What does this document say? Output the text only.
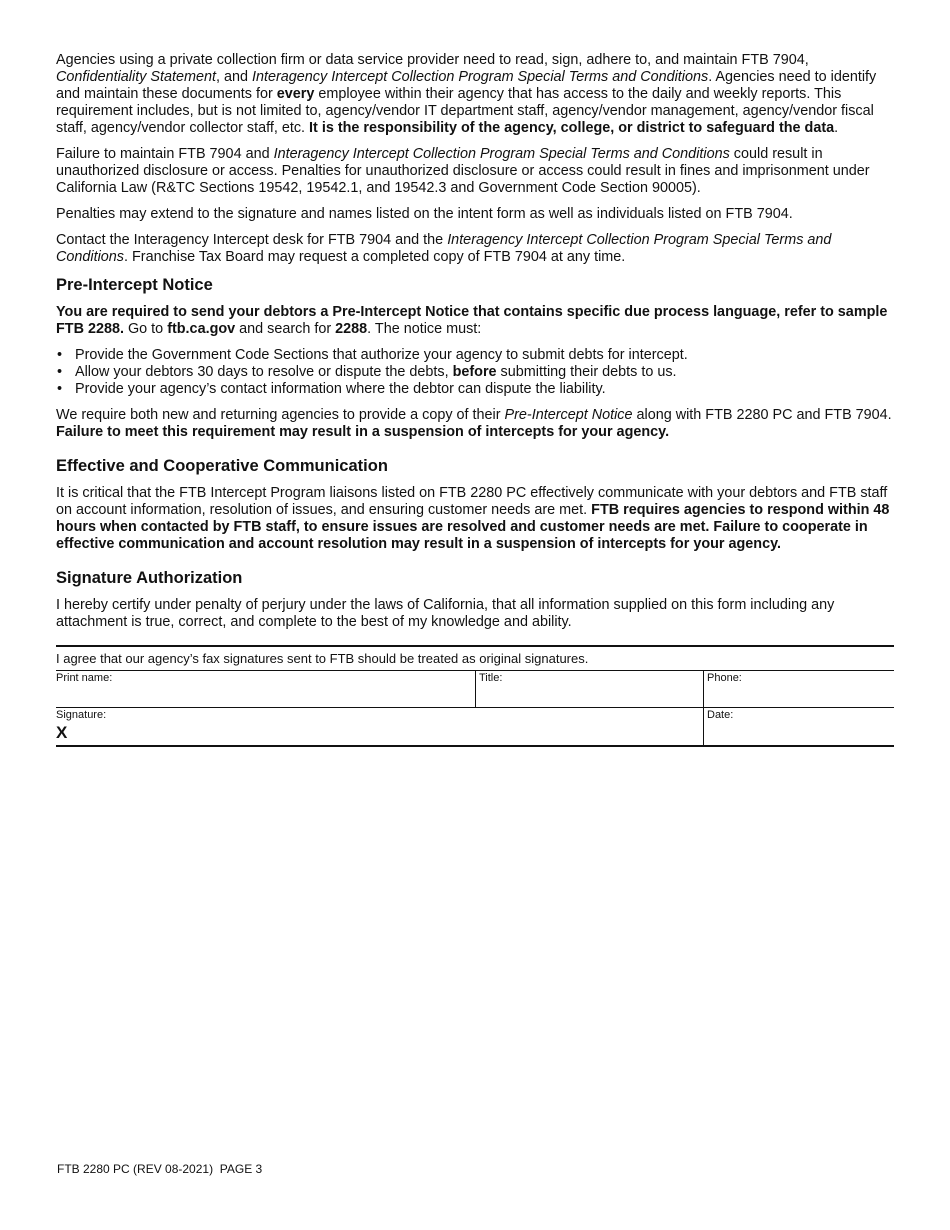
Agencies using a private collection firm or data service provider need to read, sign, adhere to, and maintain FTB 7904, Confidentiality Statement, and Interagency Intercept Collection Program Special Terms and Conditions. Agencies need to identify and maintain these documents for every employee within their agency that has access to the daily and weekly reports. This requirement includes, but is not limited to, agency/vendor IT department staff, agency/vendor management, agency/vendor fiscal staff, agency/vendor collector staff, etc. It is the responsibility of the agency, college, or district to safeguard the data.

Failure to maintain FTB 7904 and Interagency Intercept Collection Program Special Terms and Conditions could result in unauthorized disclosure or access. Penalties for unauthorized disclosure or access could result in fines and imprisonment under California Law (R&TC Sections 19542, 19542.1, and 19542.3 and Government Code Section 90005).

Penalties may extend to the signature and names listed on the intent form as well as individuals listed on FTB 7904.

Contact the Interagency Intercept desk for FTB 7904 and the Interagency Intercept Collection Program Special Terms and Conditions. Franchise Tax Board may request a completed copy of FTB 7904 at any time.

Pre-Intercept Notice

You are required to send your debtors a Pre-Intercept Notice that contains specific due process language, refer to sample FTB 2288. Go to ftb.ca.gov and search for 2288. The notice must:

• Provide the Government Code Sections that authorize your agency to submit debts for intercept.
• Allow your debtors 30 days to resolve or dispute the debts, before submitting their debts to us.
• Provide your agency’s contact information where the debtor can dispute the liability.

We require both new and returning agencies to provide a copy of their Pre-Intercept Notice along with FTB 2280 PC and FTB 7904. Failure to meet this requirement may result in a suspension of intercepts for your agency.

Effective and Cooperative Communication

It is critical that the FTB Intercept Program liaisons listed on FTB 2280 PC effectively communicate with your debtors and FTB staff on account information, resolution of issues, and ensuring customer needs are met. FTB requires agencies to respond within 48 hours when contacted by FTB staff, to ensure issues are resolved and customer needs are met. Failure to cooperate in effective communication and account resolution may result in a suspension of intercepts for your agency.

Signature Authorization

I hereby certify under penalty of perjury under the laws of California, that all information supplied on this form including any attachment is true, correct, and complete to the best of my knowledge and ability.

I agree that our agency’s fax signatures sent to FTB should be treated as original signatures.
Print name:	Title:	Phone:
Signature:
X
Date:
FTB 2280 PC (REV 08-2021)  PAGE 3
